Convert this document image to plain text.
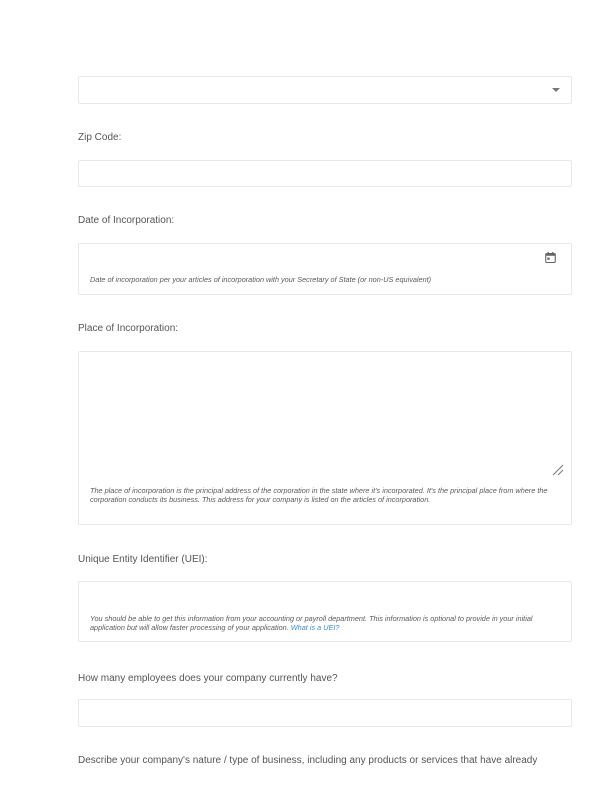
Zip Code:
Date of Incorporation:
Date of incorporation per your articles of incorporation with your Secretary of State (or non-US equivalent)
Place of Incorporation:
The place of incorporation is the principal address of the corporation in the state where it's incorporated. It's the principal place from where the corporation conducts its business. This address for your company is listed on the articles of incorporation.
Unique Entity Identifier (UEI):
You should be able to get this information from your accounting or payroll department. This information is optional to provide in your initial application but will allow faster processing of your application. What is a UEI?
How many employees does your company currently have?
Describe your company's nature / type of business, including any products or services that have already
